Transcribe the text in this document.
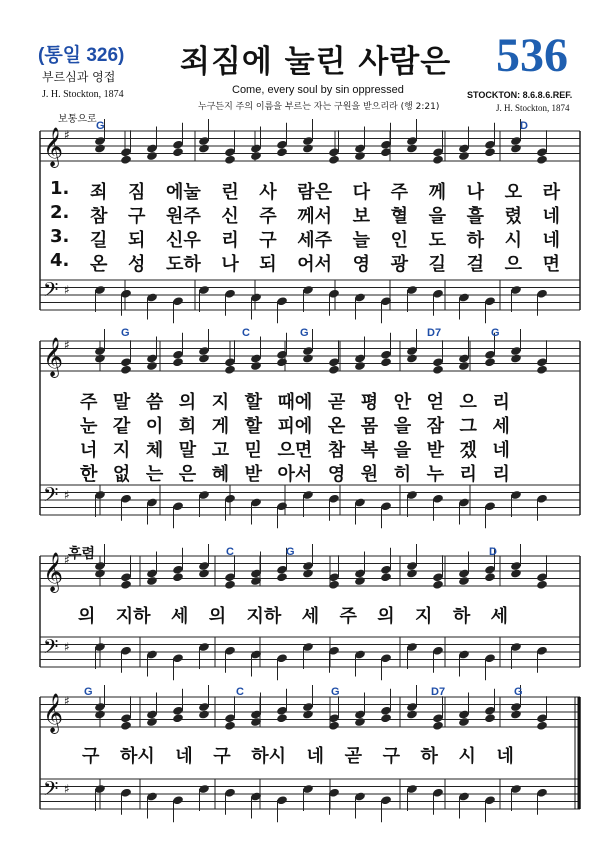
(통일 326)
부르심과 영접
J. H. Stockton, 1874
죄짐에 눌린 사람은
Come, every soul by sin oppressed
누구든지 주의 이름을 부르는 자는 구원을 받으리라 (행 2:21)
536
STOCKTON: 8.6.8.6.REF.
J. H. Stockton, 1874
보통으로
후렴
𝄞 ♯
𝄢 ♯
𝄞 ♯
𝄢 ♯
𝄞 ♯
𝄢 ♯
𝄞 ♯
𝄢 ♯
G	D
G	C	G	D7	G
C	G	D
G	C	G	D7	G
1. 죄 짐 에눌 린 사 람은 다 주 께 나 오 라
2. 참 구 원주 신 주 께서 보 혈 을 흘 렸 네
3. 길 되 신우 리 구 세주 늘 인 도 하 시 네
4. 온 성 도하 나 되 어서 영 광 길 걸 으 면
주 말 씀 의 지 할 때에 곧 평 안 얻 으 리
눈 같 이 희 게 할 피에 온 몸 을 잠 그 세
너 지 체 말 고 믿 으면 참 복 을 받 겠 네
한 없 는 은 혜 받 아서 영 원 히 누 리 리
의 지하 세 의 지하 세 주 의 지 하 세
구 하시 네 구 하시 네 곧 구 하 시 네
